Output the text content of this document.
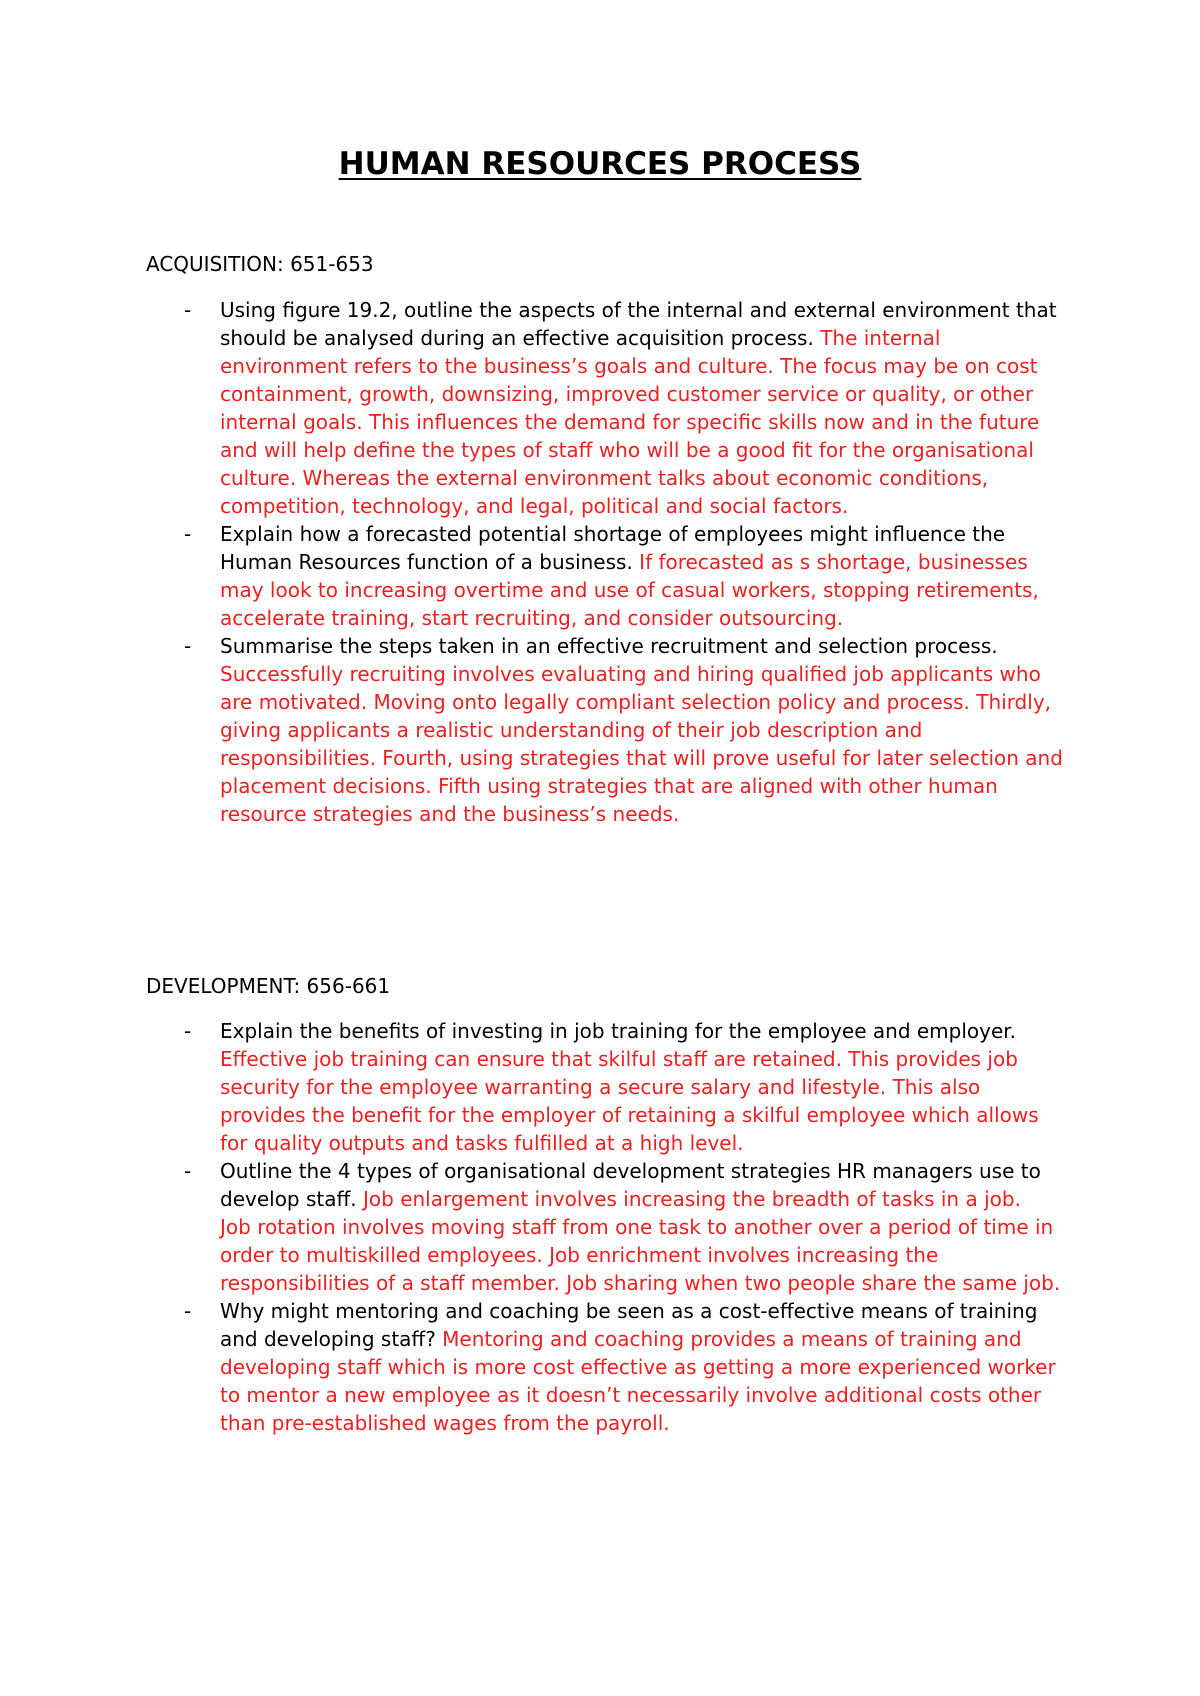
HUMAN RESOURCES PROCESS
ACQUISITION: 651-653
- Using figure 19.2, outline the aspects of the internal and external environment that should be analysed during an effective acquisition process. The internal environment refers to the business’s goals and culture. The focus may be on cost containment, growth, downsizing, improved customer service or quality, or other internal goals. This influences the demand for specific skills now and in the future and will help define the types of staff who will be a good fit for the organisational culture. Whereas the external environment talks about economic conditions, competition, technology, and legal, political and social factors.
- Explain how a forecasted potential shortage of employees might influence the Human Resources function of a business. If forecasted as s shortage, businesses may look to increasing overtime and use of casual workers, stopping retirements, accelerate training, start recruiting, and consider outsourcing.
- Summarise the steps taken in an effective recruitment and selection process. Successfully recruiting involves evaluating and hiring qualified job applicants who are motivated. Moving onto legally compliant selection policy and process. Thirdly, giving applicants a realistic understanding of their job description and responsibilities. Fourth, using strategies that will prove useful for later selection and placement decisions. Fifth using strategies that are aligned with other human resource strategies and the business’s needs.
DEVELOPMENT: 656-661
- Explain the benefits of investing in job training for the employee and employer. Effective job training can ensure that skilful staff are retained. This provides job security for the employee warranting a secure salary and lifestyle. This also provides the benefit for the employer of retaining a skilful employee which allows for quality outputs and tasks fulfilled at a high level.
- Outline the 4 types of organisational development strategies HR managers use to develop staff. Job enlargement involves increasing the breadth of tasks in a job.
Job rotation involves moving staff from one task to another over a period of time in order to multiskilled employees. Job enrichment involves increasing the responsibilities of a staff member. Job sharing when two people share the same job.
- Why might mentoring and coaching be seen as a cost-effective means of training and developing staff? Mentoring and coaching provides a means of training and developing staff which is more cost effective as getting a more experienced worker to mentor a new employee as it doesn’t necessarily involve additional costs other than pre-established wages from the payroll.
